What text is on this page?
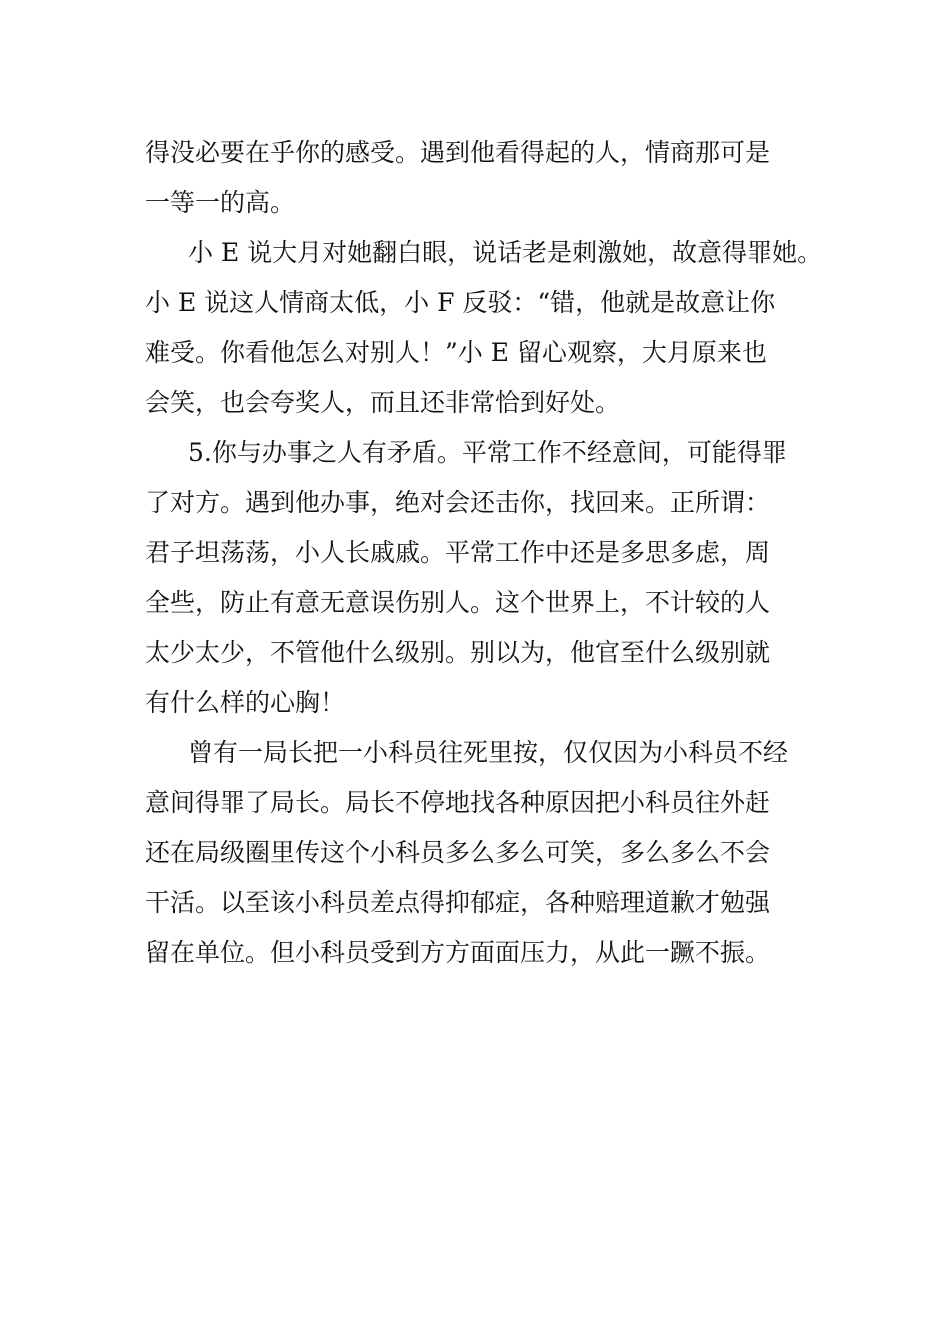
得没必要在乎你的感受。遇到他看得起的人，情商那可是
一等一的高。
小 E 说大月对她翻白眼，说话老是刺激她，故意得罪她。
小 E 说这人情商太低，小 F 反驳：“错，他就是故意让你
难受。你看他怎么对别人！”小 E 留心观察，大月原来也
会笑，也会夸奖人，而且还非常恰到好处。
5.你与办事之人有矛盾。平常工作不经意间，可能得罪
了对方。遇到他办事，绝对会还击你，找回来。正所谓：
君子坦荡荡，小人长戚戚。平常工作中还是多思多虑，周
全些，防止有意无意误伤别人。这个世界上，不计较的人
太少太少，不管他什么级别。别以为，他官至什么级别就
有什么样的心胸！
曾有一局长把一小科员往死里按，仅仅因为小科员不经
意间得罪了局长。局长不停地找各种原因把小科员往外赶
还在局级圈里传这个小科员多么多么可笑，多么多么不会
干活。以至该小科员差点得抑郁症，各种赔理道歉才勉强
留在单位。但小科员受到方方面面压力，从此一蹶不振。
